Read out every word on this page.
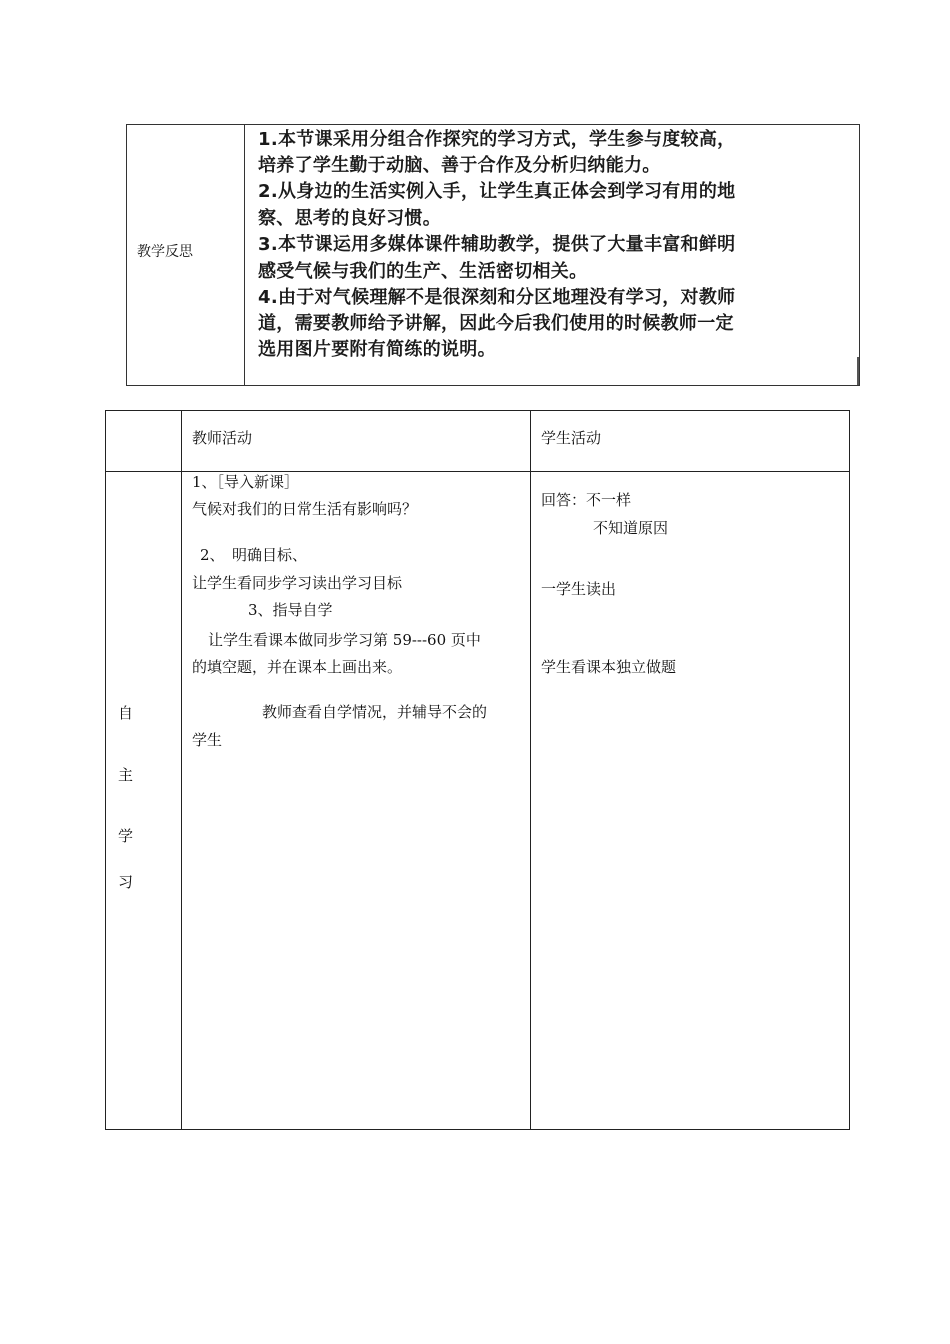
教学反思
1.本节课采用分组合作探究的学习方式，学生参与度较高，
培养了学生勤于动脑、善于合作及分析归纳能力。
2.从身边的生活实例入手，让学生真正体会到学习有用的地
察、思考的良好习惯。
3.本节课运用多媒体课件辅助教学，提供了大量丰富和鲜明
感受气候与我们的生产、生活密切相关。
4.由于对气候理解不是很深刻和分区地理没有学习，对教师
道，需要教师给予讲解，因此今后我们使用的时候教师一定
选用图片要附有简练的说明。
教师活动	学生活动
自
主
学
习
1、［导入新课］
气候对我们的日常生活有影响吗？
2、　明确目标、
让学生看同步学习读出学习目标
3、指导自学
让学生看课本做同步学习第 59---60 页中
的填空题，并在课本上画出来。
教师查看自学情况，并辅导不会的
学生
回答：不一样
不知道原因
一学生读出
学生看课本独立做题
